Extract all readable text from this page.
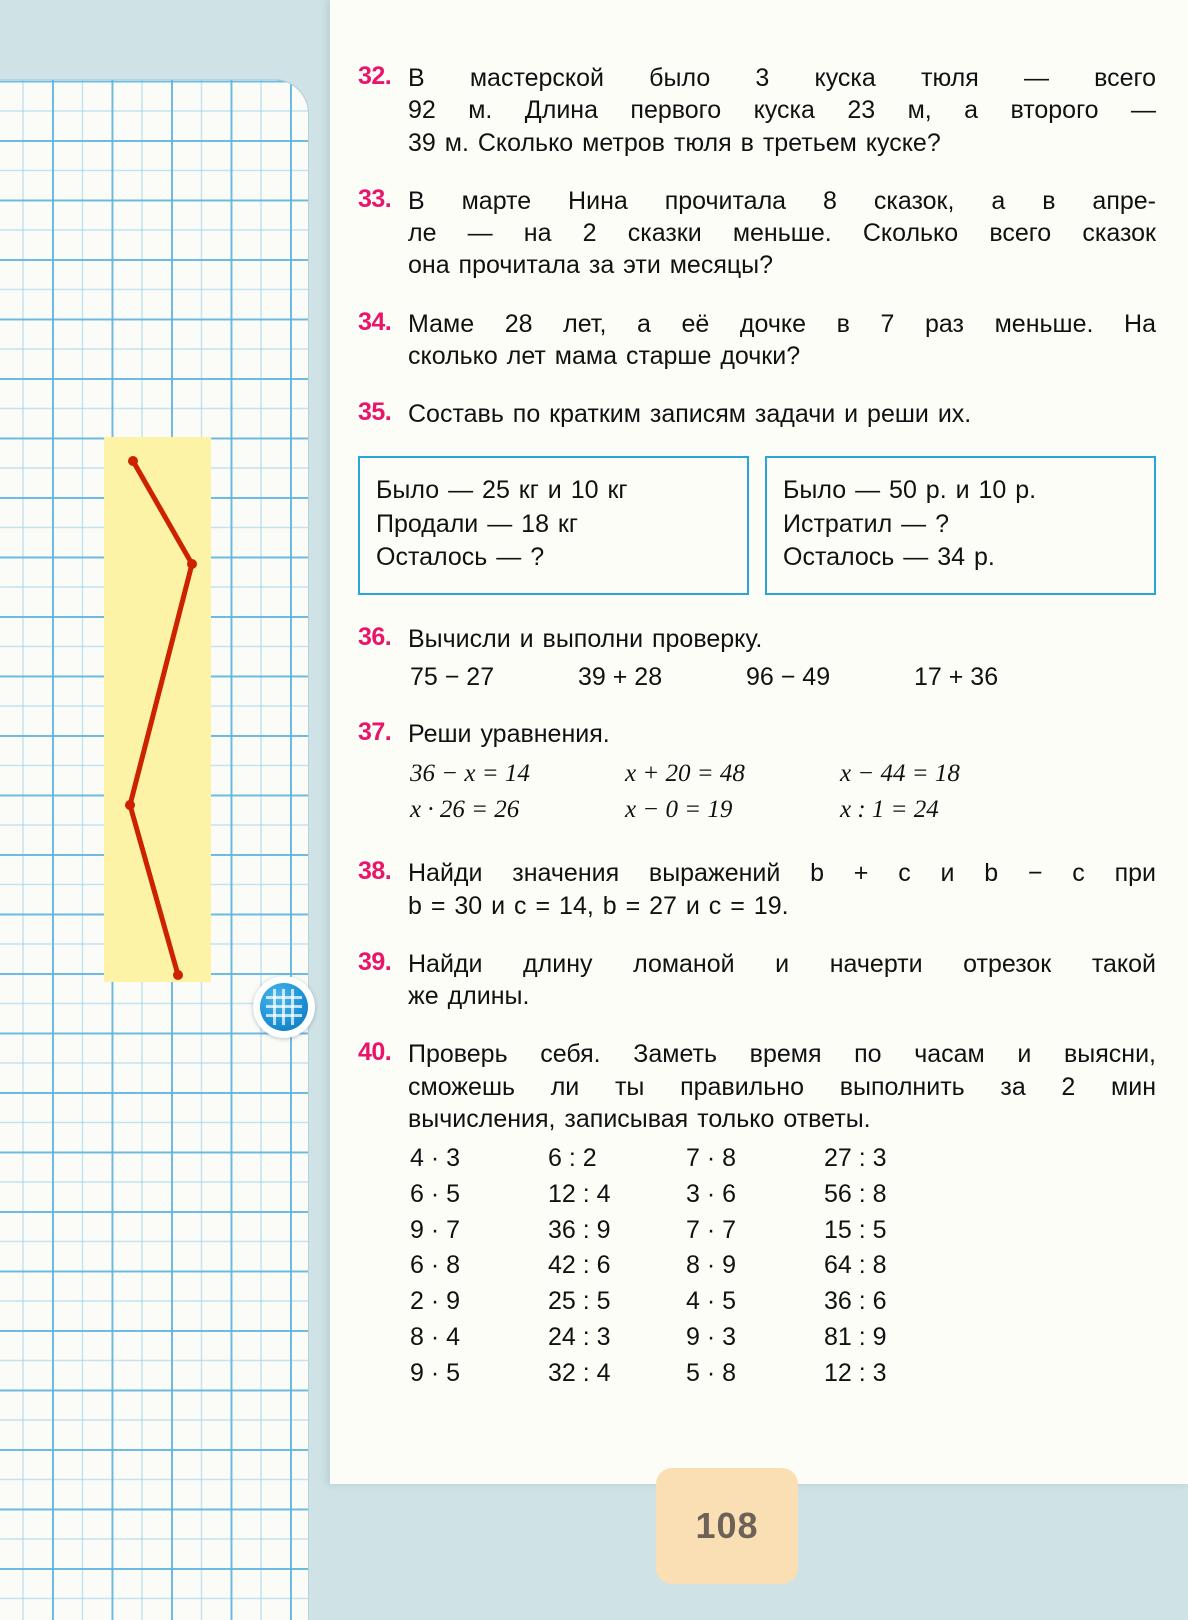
32. В мастерской было 3 куска тюля — всего
92 м. Длина первого куска 23 м, а второго —
39 м. Сколько метров тюля в третьем куске?

33. В марте Нина прочитала 8 сказок, а в апре-
ле — на 2 сказки меньше. Сколько всего сказок
она прочитала за эти месяцы?

34. Маме 28 лет, а её дочке в 7 раз меньше. На
сколько лет мама старше дочки?

35. Составь по кратким записям задачи и реши их.

Было — 25 кг и 10 кг
Продали — 18 кг
Осталось — ?
Было — 50 р. и 10 р.
Истратил — ?
Осталось — 34 р.
36. Вычисли и выполни проверку.

75 − 27	39 + 28	96 − 49	17 + 36
37. Реши уравнения.

36 − x = 14	x + 20 = 48	x − 44 = 18
x · 26 = 26	x − 0 = 19	x : 1 = 24
38. Найди значения выражений b + c и b − c при
b = 30 и c = 14, b = 27 и c = 19.

39. Найди длину ломаной и начерти отрезок такой
же длины.

40. Проверь себя. Заметь время по часам и выясни,
сможешь ли ты правильно выполнить за 2 мин
вычисления, записывая только ответы.

4 · 3	6 : 2	7 · 8	27 : 3
6 · 5	12 : 4	3 · 6	56 : 8
9 · 7	36 : 9	7 · 7	15 : 5
6 · 8	42 : 6	8 · 9	64 : 8
2 · 9	25 : 5	4 · 5	36 : 6
8 · 4	24 : 3	9 · 3	81 : 9
9 · 5	32 : 4	5 · 8	12 : 3
108
